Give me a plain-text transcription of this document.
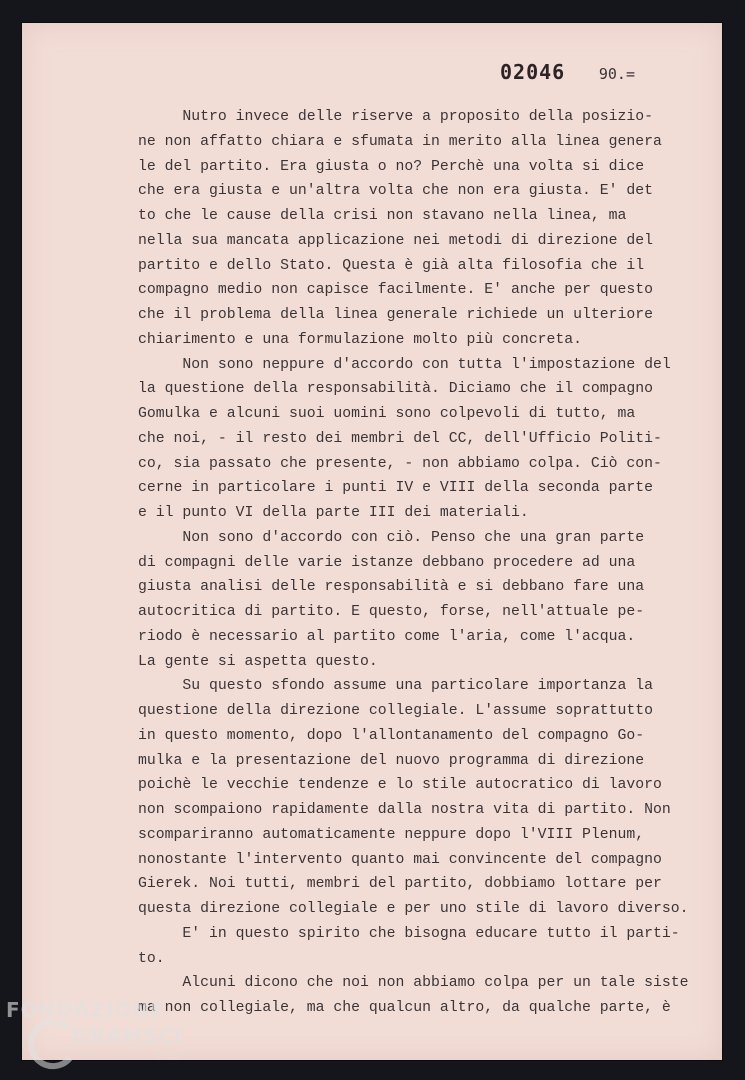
02046 90.=
Nutro invece delle riserve a proposito della posizio-
ne non affatto chiara e sfumata in merito alla linea genera
le del partito. Era giusta o no? Perchè una volta si dice
che era giusta e un'altra volta che non era giusta. E' det
to che le cause della crisi non stavano nella linea, ma
nella sua mancata applicazione nei metodi di direzione del
partito e dello Stato. Questa è già alta filosofia che il
compagno medio non capisce facilmente. E' anche per questo
che il problema della linea generale richiede un ulteriore
chiarimento e una formulazione molto più concreta.
Non sono neppure d'accordo con tutta l'impostazione del
la questione della responsabilità. Diciamo che il compagno
Gomulka e alcuni suoi uomini sono colpevoli di tutto, ma
che noi, - il resto dei membri del CC, dell'Ufficio Politi-
co, sia passato che presente, - non abbiamo colpa. Ciò con-
cerne in particolare i punti IV e VIII della seconda parte
e il punto VI della parte III dei materiali.
Non sono d'accordo con ciò. Penso che una gran parte
di compagni delle varie istanze debbano procedere ad una
giusta analisi delle responsabilità e si debbano fare una
autocritica di partito. E questo, forse, nell'attuale pe-
riodo è necessario al partito come l'aria, come l'acqua.
La gente si aspetta questo.
Su questo sfondo assume una particolare importanza la
questione della direzione collegiale. L'assume soprattutto
in questo momento, dopo l'allontanamento del compagno Go-
mulka e la presentazione del nuovo programma di direzione
poichè le vecchie tendenze e lo stile autocratico di lavoro
non scompaiono rapidamente dalla nostra vita di partito. Non
scompariranno automaticamente neppure dopo l'VIII Plenum,
nonostante l'intervento quanto mai convincente del compagno
Gierek. Noi tutti, membri del partito, dobbiamo lottare per
questa direzione collegiale e per uno stile di lavoro diverso.
E' in questo spirito che bisogna educare tutto il parti-
to.
Alcuni dicono che noi non abbiamo colpa per un tale siste
ma non collegiale, ma che qualcun altro, da qualche parte, è
FONDAZIONE
GRAMSCI
onlus
